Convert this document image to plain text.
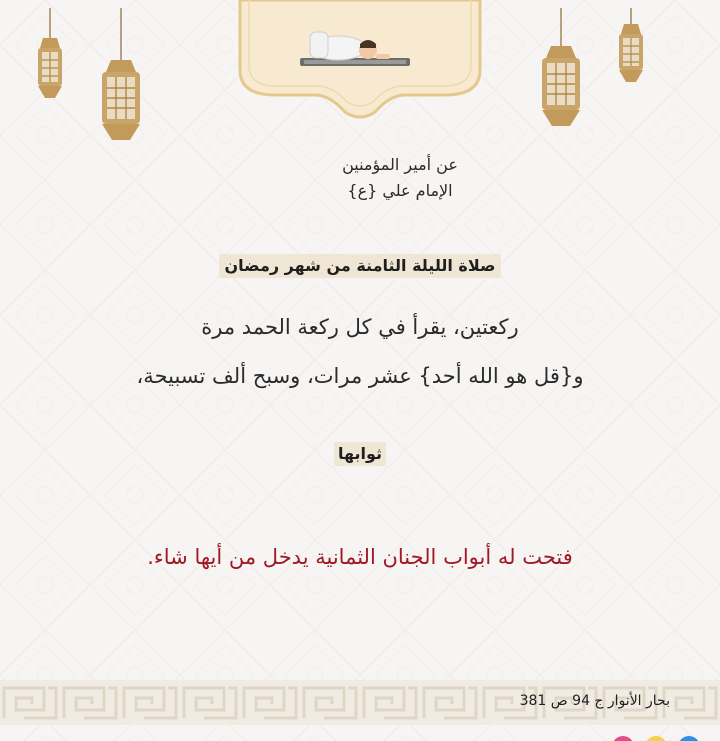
عن أمير المؤمنين
الإمام علي {ع}
صلاة الليلة الثامنة من شهر رمضان
ركعتين، يقرأ في كل ركعة الحمد مرة
و{قل هو الله أحد} عشر مرات، وسبح ألف تسبيحة،
ثوابها
فتحت له أبواب الجنان الثمانية يدخل من أيها شاء.
بحار الأنوار ج 94 ص 381
